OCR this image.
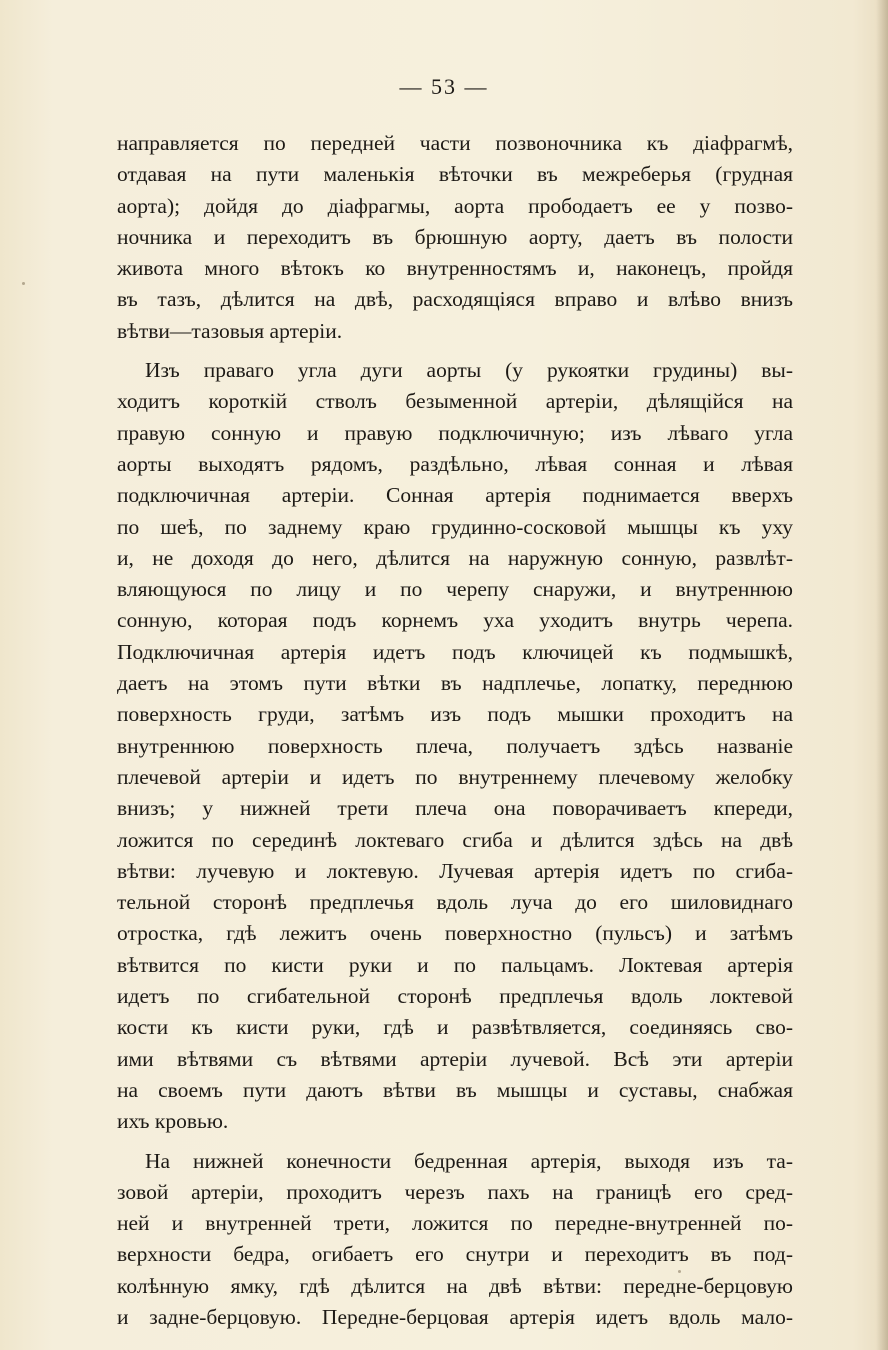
— 53 —
направляется по передней части позвоночника къ діафрагмѣ,
отдавая на пути маленькія вѣточки въ межреберья (грудная
аорта); дойдя до діафрагмы, аорта прободаетъ ее у позво-
ночника и переходитъ въ брюшную аорту, даетъ въ полости
живота много вѣтокъ ко внутренностямъ и, наконецъ, пройдя
въ тазъ, дѣлится на двѣ, расходящіяся вправо и влѣво внизъ
вѣтви—тазовыя артеріи.
Изъ праваго угла дуги аорты (у рукоятки грудины) вы-
ходитъ короткій стволъ безыменной артеріи, дѣлящійся на
правую сонную и правую подключичную; изъ лѣваго угла
аорты выходятъ рядомъ, раздѣльно, лѣвая сонная и лѣвая
подключичная артеріи. Сонная артерія поднимается вверхъ
по шеѣ, по заднему краю грудинно-сосковой мышцы къ уху
и, не доходя до него, дѣлится на наружную сонную, развлѣт-
вляющуюся по лицу и по черепу снаружи, и внутреннюю
сонную, которая подъ корнемъ уха уходитъ внутрь черепа.
Подключичная артерія идетъ подъ ключицей къ подмышкѣ,
даетъ на этомъ пути вѣтки въ надплечье, лопатку, переднюю
поверхность груди, затѣмъ изъ подъ мышки проходитъ на
внутреннюю поверхность плеча, получаетъ здѣсь названіе
плечевой артеріи и идетъ по внутреннему плечевому желобку
внизъ; у нижней трети плеча она поворачиваетъ кпереди,
ложится по серединѣ локтеваго сгиба и дѣлится здѣсь на двѣ
вѣтви: лучевую и локтевую. Лучевая артерія идетъ по сгиба-
тельной сторонѣ предплечья вдоль луча до его шиловиднаго
отростка, гдѣ лежитъ очень поверхностно (пульсъ) и затѣмъ
вѣтвится по кисти руки и по пальцамъ. Локтевая артерія
идетъ по сгибательной сторонѣ предплечья вдоль локтевой
кости къ кисти руки, гдѣ и развѣтвляется, соединяясь сво-
ими вѣтвями съ вѣтвями артеріи лучевой. Всѣ эти артеріи
на своемъ пути даютъ вѣтви въ мышцы и суставы, снабжая
ихъ кровью.
На нижней конечности бедренная артерія, выходя изъ та-
зовой артеріи, проходитъ черезъ пахъ на границѣ его сред-
ней и внутренней трети, ложится по передне-внутренней по-
верхности бедра, огибаетъ его снутри и переходитъ въ под-
колѣнную ямку, гдѣ дѣлится на двѣ вѣтви: передне-берцовую
и задне-берцовую. Передне-берцовая артерія идетъ вдоль мало-
